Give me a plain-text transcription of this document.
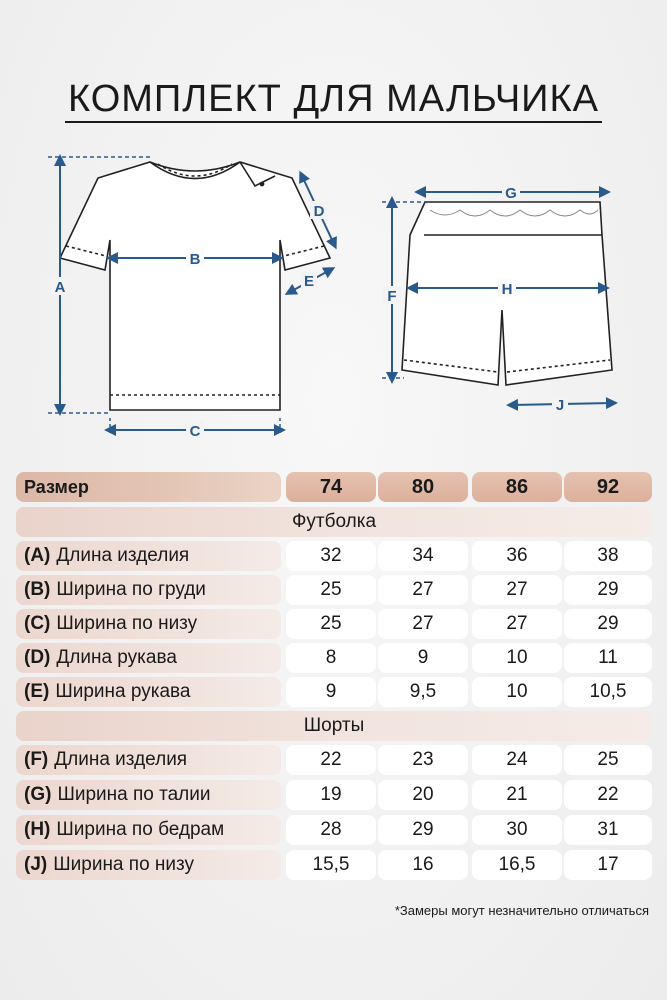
КОМПЛЕКТ ДЛЯ МАЛЬЧИКА
A
B
C
D
E
F
G
H
J
Размер	74	80	86	92
Футболка
(A) Длина изделия	32	34	36	38
(B) Ширина по груди	25	27	27	29
(C) Ширина по низу	25	27	27	29
(D) Длина рукава	8	9	10	11
(E) Ширина рукава	9	9,5	10	10,5
Шорты
(F) Длина изделия	22	23	24	25
(G) Ширина по талии	19	20	21	22
(H) Ширина по бедрам	28	29	30	31
(J) Ширина по низу	15,5	16	16,5	17
*Замеры могут незначительно отличаться
